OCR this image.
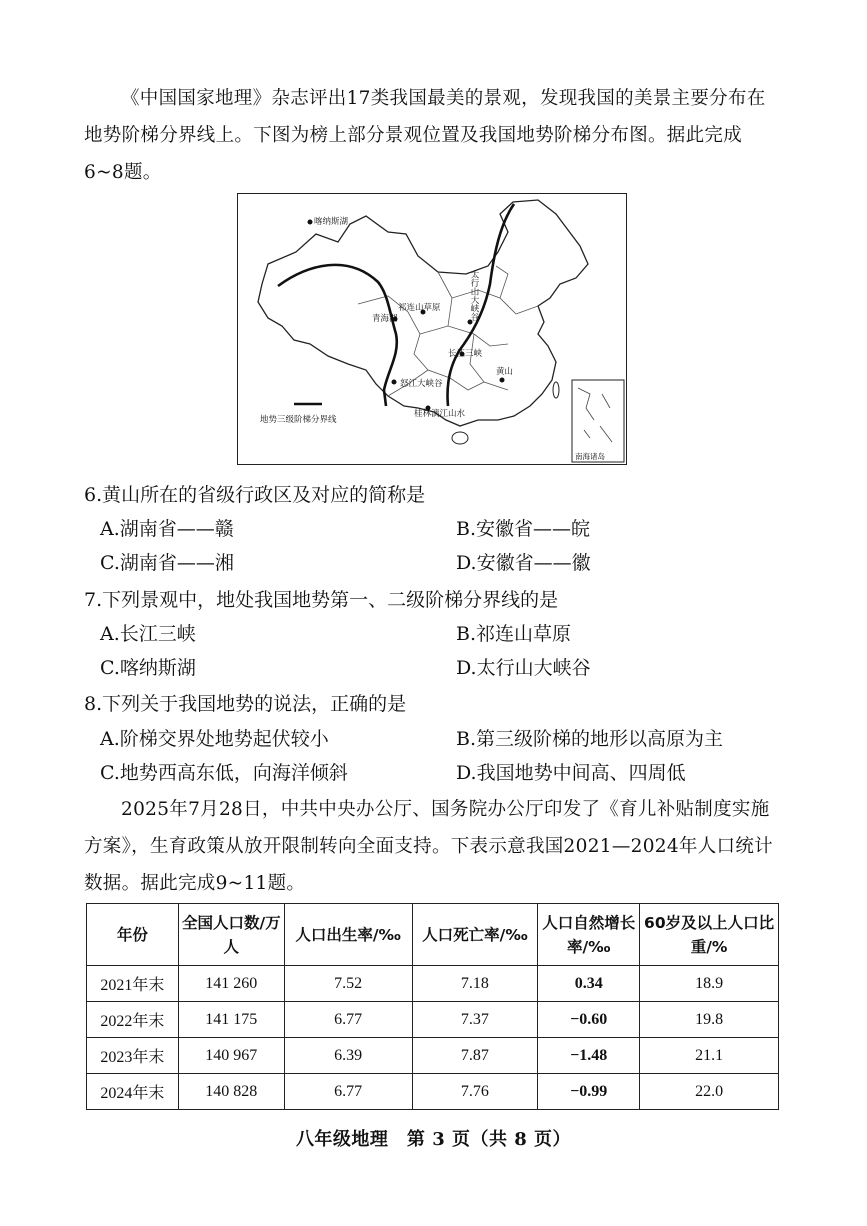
《中国国家地理》杂志评出17类我国最美的景观，发现我国的美景主要分布在
地势阶梯分界线上。下图为榜上部分景观位置及我国地势阶梯分布图。据此完成
6~8题。
喀纳斯湖
青海湖
祁连山草原
长江三峡
黄山
怒江大峡谷
桂林漓江山水
地势三级阶梯分界线
太行山大峡谷
南海诸岛
6.黄山所在的省级行政区及对应的简称是
A.湖南省——赣	B.安徽省——皖
C.湖南省——湘	D.安徽省——徽
7.下列景观中，地处我国地势第一、二级阶梯分界线的是
A.长江三峡	B.祁连山草原
C.喀纳斯湖	D.太行山大峡谷
8.下列关于我国地势的说法，正确的是
A.阶梯交界处地势起伏较小	B.第三级阶梯的地形以高原为主
C.地势西高东低，向海洋倾斜	D.我国地势中间高、四周低
2025年7月28日，中共中央办公厅、国务院办公厅印发了《育儿补贴制度实施
方案》，生育政策从放开限制转向全面支持。下表示意我国2021—2024年人口统计
数据。据此完成9~11题。
年份	全国人口数/万人	人口出生率/‰	人口死亡率/‰	人口自然增长率/‰	60岁及以上人口比重/%
2021年末	141 260	7.52	7.18	0.34	18.9
2022年末	141 175	6.77	7.37	−0.60	19.8
2023年末	140 967	6.39	7.87	−1.48	21.1
2024年末	140 828	6.77	7.76	−0.99	22.0
八年级地理　第 3 页（共 8 页）
